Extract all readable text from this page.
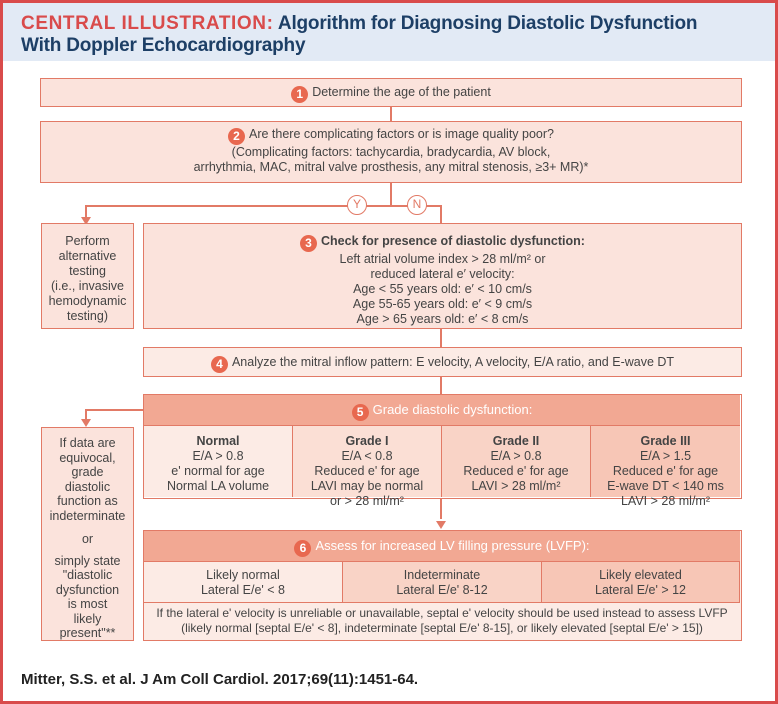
CENTRAL ILLUSTRATION: Algorithm for Diagnosing Diastolic Dysfunction
With Doppler Echocardiography
1 Determine the age of the patient
2 Are there complicating factors or is image quality poor?
(Complicating factors: tachycardia, bradycardia, AV block,
arrhythmia, MAC, mitral valve prosthesis, any mitral stenosis, ≥3+ MR)*
Y	N
Perform
alternative
testing
(i.e., invasive
hemodynamic
testing)
3 Check for presence of diastolic dysfunction:
Left atrial volume index > 28 ml/m² or
reduced lateral e′ velocity:
Age < 55 years old: e′ < 10 cm/s
Age 55-65 years old: e′ < 9 cm/s
Age > 65 years old: e′ < 8 cm/s
4 Analyze the mitral inflow pattern: E velocity, A velocity, E/A ratio, and E-wave DT
5 Grade diastolic dysfunction:
Normal
E/A > 0.8
e' normal for age
Normal LA volume
Grade I
E/A < 0.8
Reduced e' for age
LAVI may be normal
or > 28 ml/m²
Grade II
E/A > 0.8
Reduced e' for age
LAVI > 28 ml/m²
Grade III
E/A > 1.5
Reduced e' for age
E-wave DT < 140 ms
LAVI > 28 ml/m²
If data are
equivocal,
grade
diastolic
function as
indeterminate
or
simply state
"diastolic
dysfunction
is most
likely
present"**
6 Assess for increased LV filling pressure (LVFP):
Likely normal
Lateral E/e' < 8
Indeterminate
Lateral E/e' 8-12
Likely elevated
Lateral E/e' > 12
If the lateral e' velocity is unreliable or unavailable, septal e' velocity should be used instead to assess LVFP
(likely normal [septal E/e' < 8], indeterminate [septal E/e' 8-15], or likely elevated [septal E/e' > 15])
Mitter, S.S. et al. J Am Coll Cardiol. 2017;69(11):1451-64.
